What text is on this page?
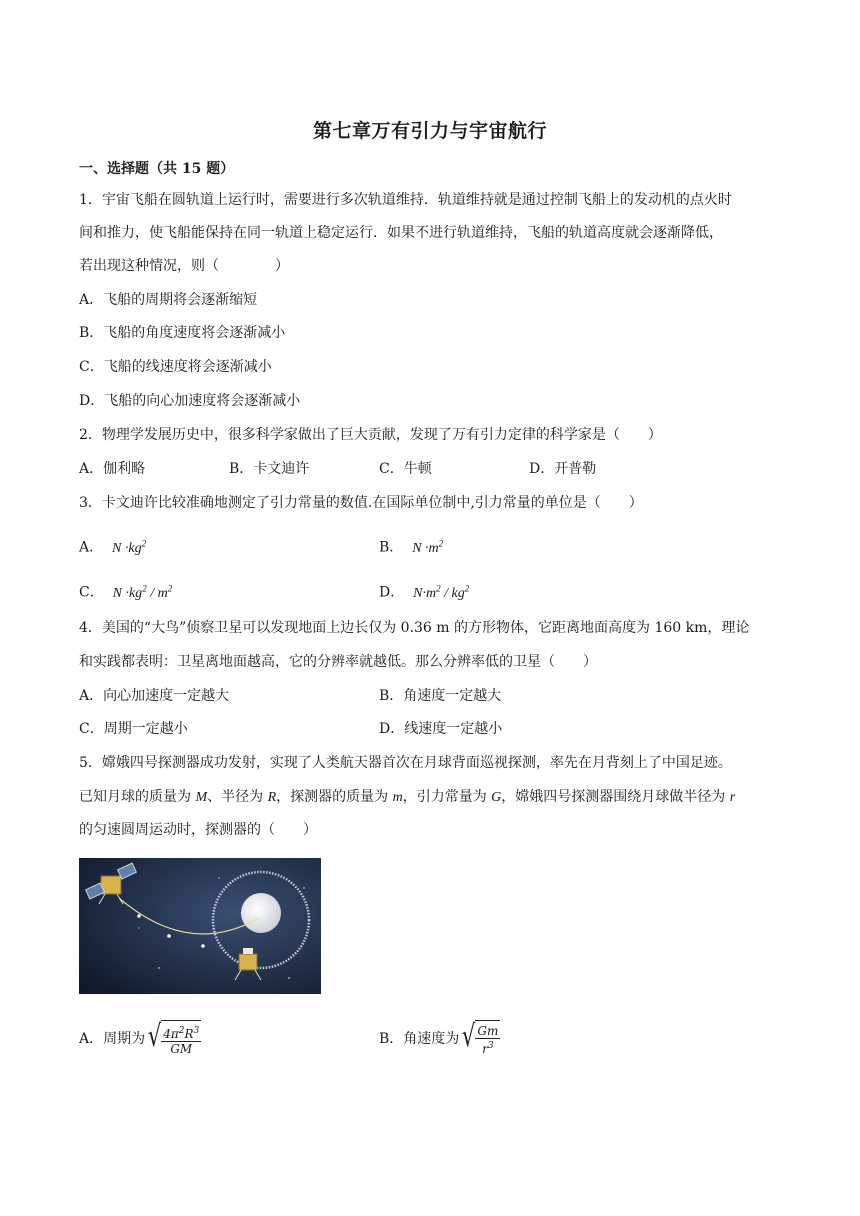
第七章万有引力与宇宙航行
一、选择题（共 15 题）
1．宇宙飞船在圆轨道上运行时，需要进行多次轨道维持．轨道维持就是通过控制飞船上的发动机的点火时
间和推力，使飞船能保持在同一轨道上稳定运行．如果不进行轨道维持，飞船的轨道高度就会逐渐降低，
若出现这种情况，则（　　　　）
A．飞船的周期将会逐渐缩短
B．飞船的角度速度将会逐渐减小
C．飞船的线速度将会逐渐减小
D．飞船的向心加速度将会逐渐减小
2．物理学发展历史中，很多科学家做出了巨大贡献，发现了万有引力定律的科学家是（　　）
A．伽利略	B．卡文迪许	C．牛顿	D．开普勒
3．卡文迪许比较准确地测定了引力常量的数值.在国际单位制中,引力常量的单位是（　　）
A． $N \cdot kg^2$	B． $N \cdot m^2$
C． $N \cdot kg^2 / m^2$	D． $N\cdot m^2 / kg^2$
4．美国的“大鸟”侦察卫星可以发现地面上边长仅为 0.36 m 的方形物体，它距离地面高度为 160 km，理论
和实践都表明：卫星离地面越高，它的分辨率就越低。那么分辨率低的卫星（　　）
A．向心加速度一定越大	B．角速度一定越大
C．周期一定越小	D．线速度一定越小
5．嫦娥四号探测器成功发射，实现了人类航天器首次在月球背面巡视探测，率先在月背刻上了中国足迹。
已知月球的质量为 M、半径为 R，探测器的质量为 m，引力常量为 G，嫦娥四号探测器围绕月球做半径为 r
的匀速圆周运动时，探测器的（　　）
A．周期为 √ $\frac{4\pi^2R^3}{GM}$	B．角速度为 √ $\frac{Gm}{r^3}$
